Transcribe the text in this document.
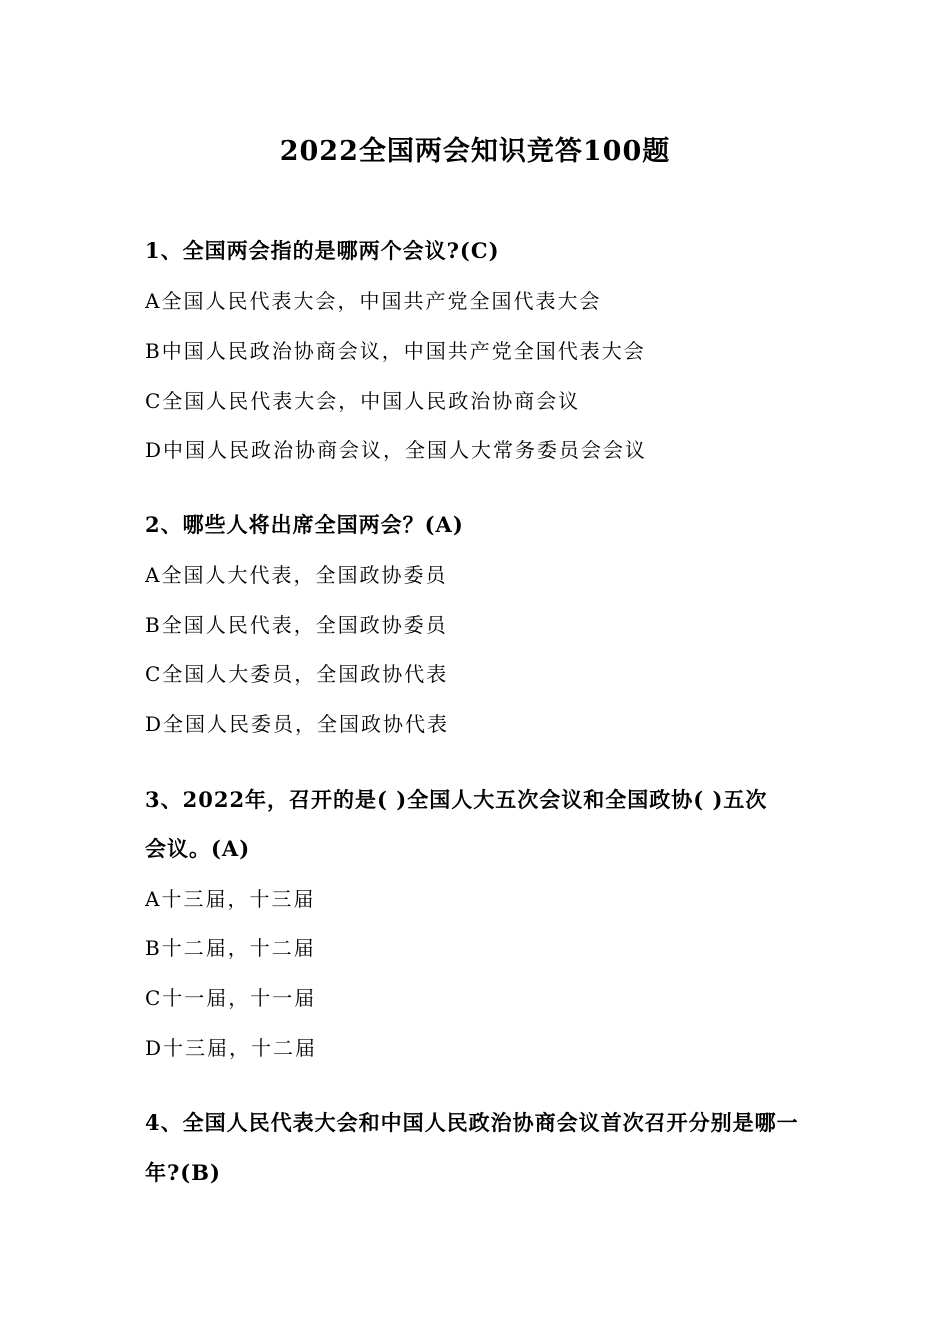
2022全国两会知识竞答100题
1、全国两会指的是哪两个会议?(C)
A全国人民代表大会，中国共产党全国代表大会
B中国人民政治协商会议，中国共产党全国代表大会
C全国人民代表大会，中国人民政治协商会议
D中国人民政治协商会议，全国人大常务委员会会议
2、哪些人将出席全国两会？(A)
A全国人大代表，全国政协委员
B全国人民代表，全国政协委员
C全国人大委员，全国政协代表
D全国人民委员，全国政协代表
3、2022年，召开的是( )全国人大五次会议和全国政协( )五次
会议。(A)
A十三届，十三届
B十二届，十二届
C十一届，十一届
D十三届，十二届
4、全国人民代表大会和中国人民政治协商会议首次召开分别是哪一
年?(B)
